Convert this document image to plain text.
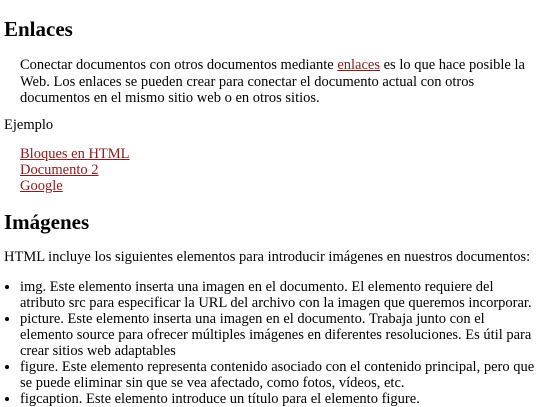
Enlaces

Conectar documentos con otros documentos mediante enlaces es lo que hace posible la Web. Los enlaces se pueden crear para conectar el documento actual con otros documentos en el mismo sitio web o en otros sitios.

Ejemplo

Bloques en HTML
Documento 2
Google
Imágenes

HTML incluye los siguientes elementos para introducir imágenes en nuestros documentos:

• img. Este elemento inserta una imagen en el documento. El elemento requiere del atributo src para especificar la URL del archivo con la imagen que queremos incorporar.
• picture. Este elemento inserta una imagen en el documento. Trabaja junto con el elemento source para ofrecer múltiples imágenes en diferentes resoluciones. Es útil para crear sitios web adaptables
• figure. Este elemento representa contenido asociado con el contenido principal, pero que se puede eliminar sin que se vea afectado, como fotos, vídeos, etc.
• figcaption. Este elemento introduce un título para el elemento figure.
